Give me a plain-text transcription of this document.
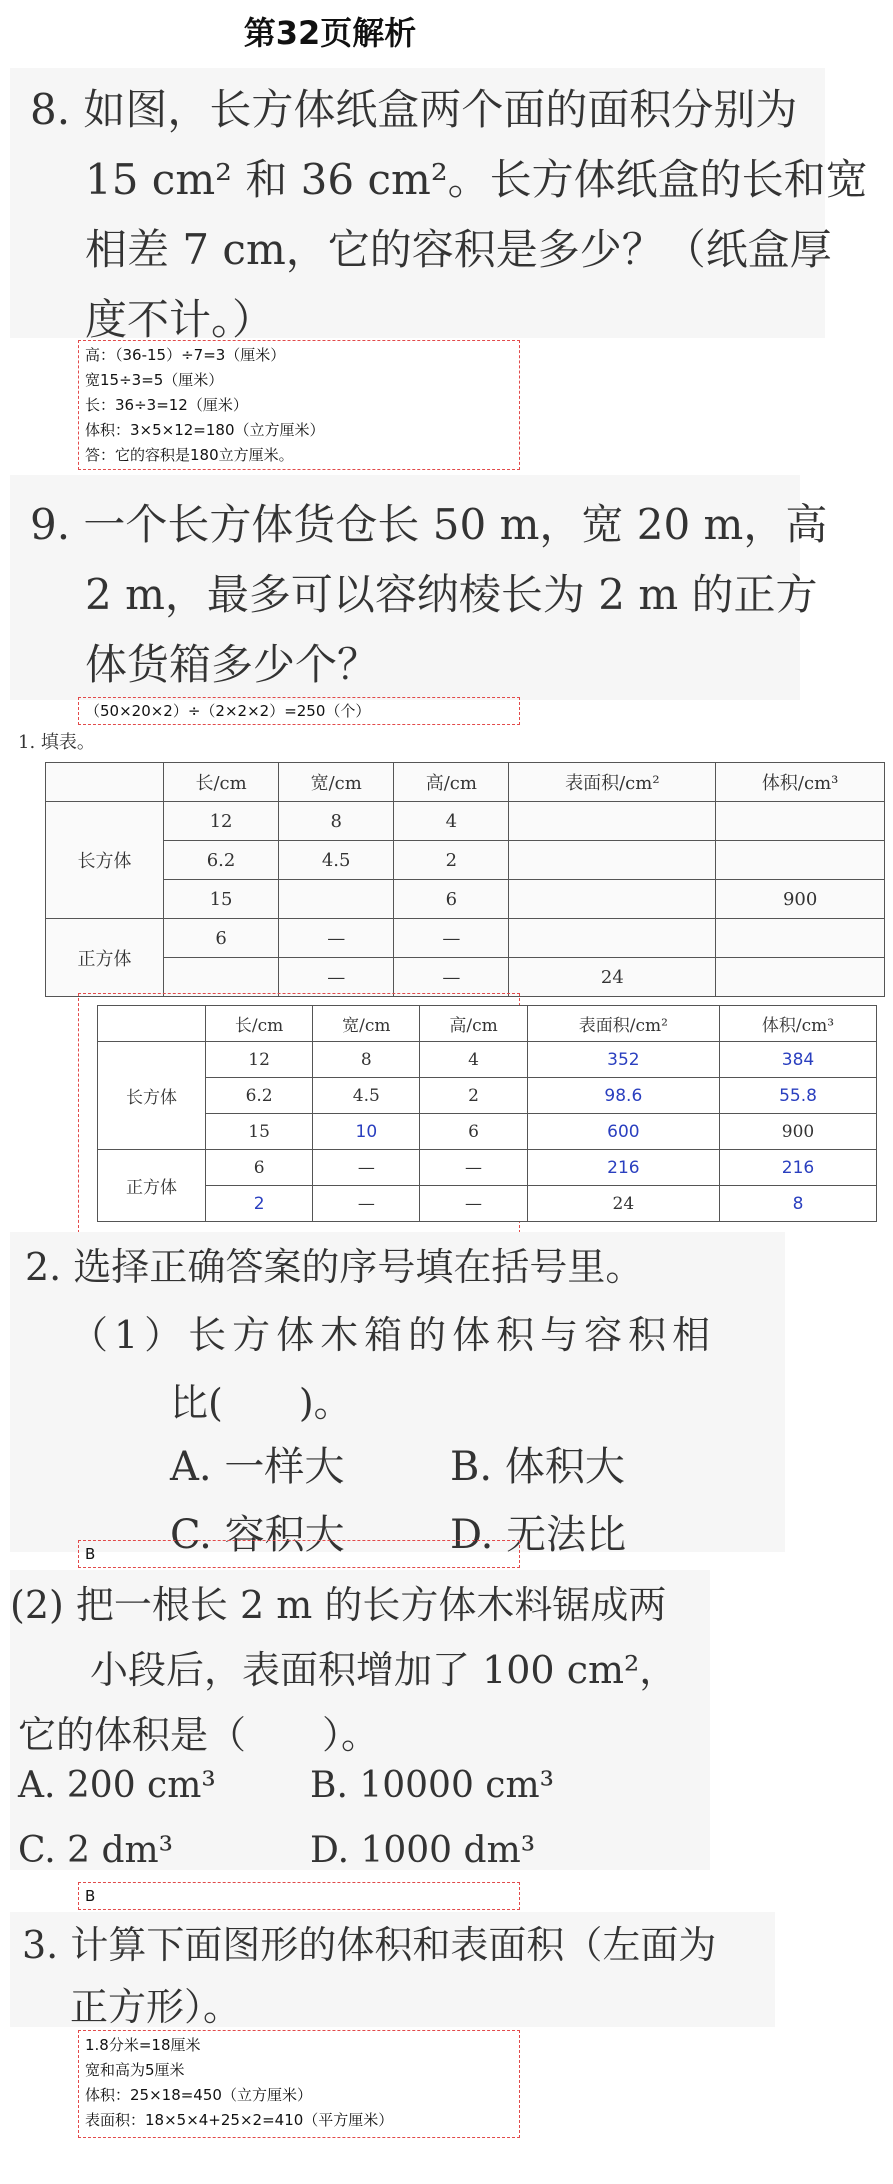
第32页解析
8. 如图，长方体纸盒两个面的面积分别为
15 cm² 和 36 cm²。长方体纸盒的长和宽
相差 7 cm，它的容积是多少？（纸盒厚
度不计。）
高：（36-15）÷7=3（厘米）
宽15÷3=5（厘米）
长：36÷3=12（厘米）
体积：3×5×12=180（立方厘米）
答：它的容积是180立方厘米。
9. 一个长方体货仓长 50 m，宽 20 m，高
2 m，最多可以容纳棱长为 2 m 的正方
体货箱多少个？
（50×20×2）÷（2×2×2）=250（个）
1. 填表。
	长/cm	宽/cm	高/cm	表面积/cm²	体积/cm³
长方体	12	8	4		
	6.2	4.5	2		
	15		6		900
正方体	6	—	—		
		—	—	24	
	长/cm	宽/cm	高/cm	表面积/cm²	体积/cm³
长方体	12	8	4	352	384
	6.2	4.5	2	98.6	55.8
	15	10	6	600	900
正方体	6	—	—	216	216
	2	—	—	24	8
2. 选择正确答案的序号填在括号里。
（1）长方体木箱的体积与容积相
比(　　)。
A. 一样大	B. 体积大
C. 容积大	D. 无法比
B
(2) 把一根长 2 m 的长方体木料锯成两
小段后，表面积增加了 100 cm²，
它的体积是（　　）。
A. 200 cm³	B. 10000 cm³
C. 2 dm³	D. 1000 dm³
B
3. 计算下面图形的体积和表面积（左面为
正方形）。
1.8分米=18厘米
宽和高为5厘米
体积：25×18=450（立方厘米）
表面积：18×5×4+25×2=410（平方厘米）
